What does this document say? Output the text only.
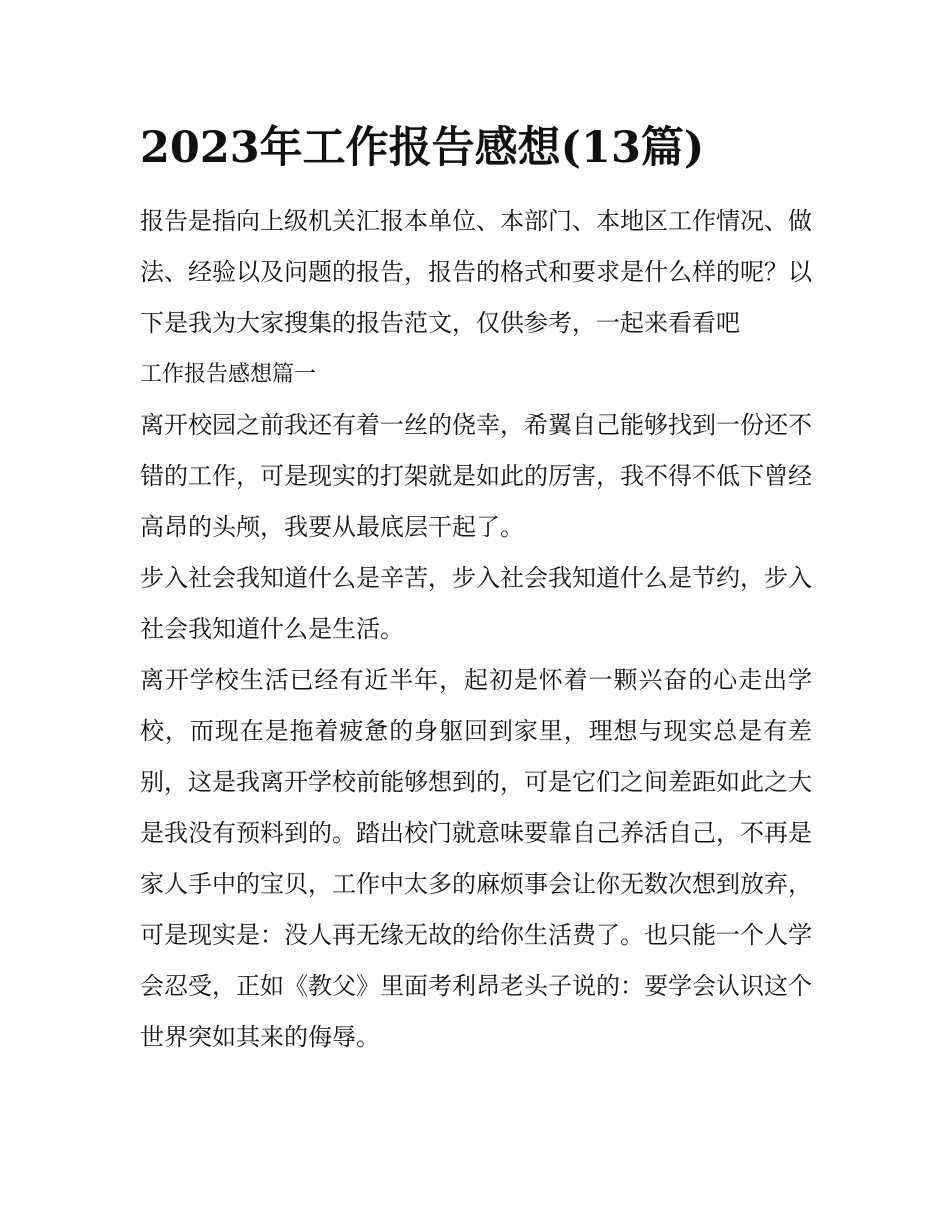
2023年工作报告感想(13篇)

报告是指向上级机关汇报本单位、本部门、本地区工作情况、做法、经验以及问题的报告，报告的格式和要求是什么样的呢？以下是我为大家搜集的报告范文，仅供参考，一起来看看吧

工作报告感想篇一

离开校园之前我还有着一丝的侥幸，希翼自己能够找到一份还不错的工作，可是现实的打架就是如此的厉害，我不得不低下曾经高昂的头颅，我要从最底层干起了。

步入社会我知道什么是辛苦，步入社会我知道什么是节约，步入社会我知道什么是生活。

离开学校生活已经有近半年，起初是怀着一颗兴奋的心走出学校，而现在是拖着疲惫的身躯回到家里，理想与现实总是有差别，这是我离开学校前能够想到的，可是它们之间差距如此之大是我没有预料到的。踏出校门就意味要靠自己养活自己，不再是家人手中的宝贝，工作中太多的麻烦事会让你无数次想到放弃，可是现实是：没人再无缘无故的给你生活费了。也只能一个人学会忍受，正如《教父》里面考利昂老头子说的：要学会认识这个世界突如其来的侮辱。
